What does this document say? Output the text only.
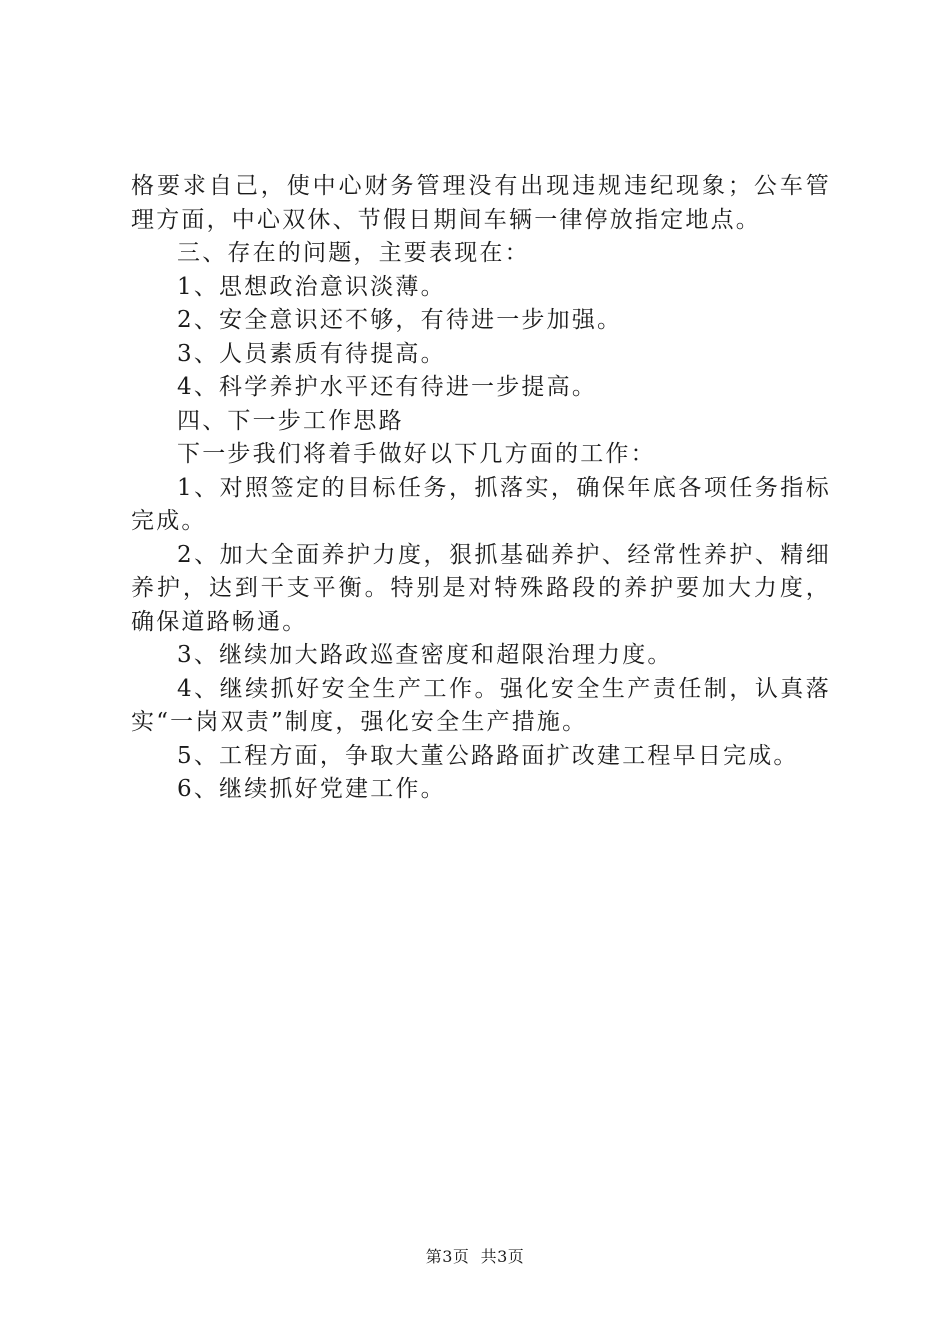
格要求自己，使中心财务管理没有出现违规违纪现象；公车管理方面，中心双休、节假日期间车辆一律停放指定地点。

三、存在的问题，主要表现在：

1、思想政治意识淡薄。

2、安全意识还不够，有待进一步加强。

3、人员素质有待提高。

4、科学养护水平还有待进一步提高。

四、下一步工作思路

下一步我们将着手做好以下几方面的工作：

1、对照签定的目标任务，抓落实，确保年底各项任务指标完成。

2、加大全面养护力度，狠抓基础养护、经常性养护、精细养护，达到干支平衡。特别是对特殊路段的养护要加大力度，确保道路畅通。

3、继续加大路政巡查密度和超限治理力度。

4、继续抓好安全生产工作。强化安全生产责任制，认真落实“一岗双责”制度，强化安全生产措施。

5、工程方面，争取大董公路路面扩改建工程早日完成。

6、继续抓好党建工作。

第3页  共3页
